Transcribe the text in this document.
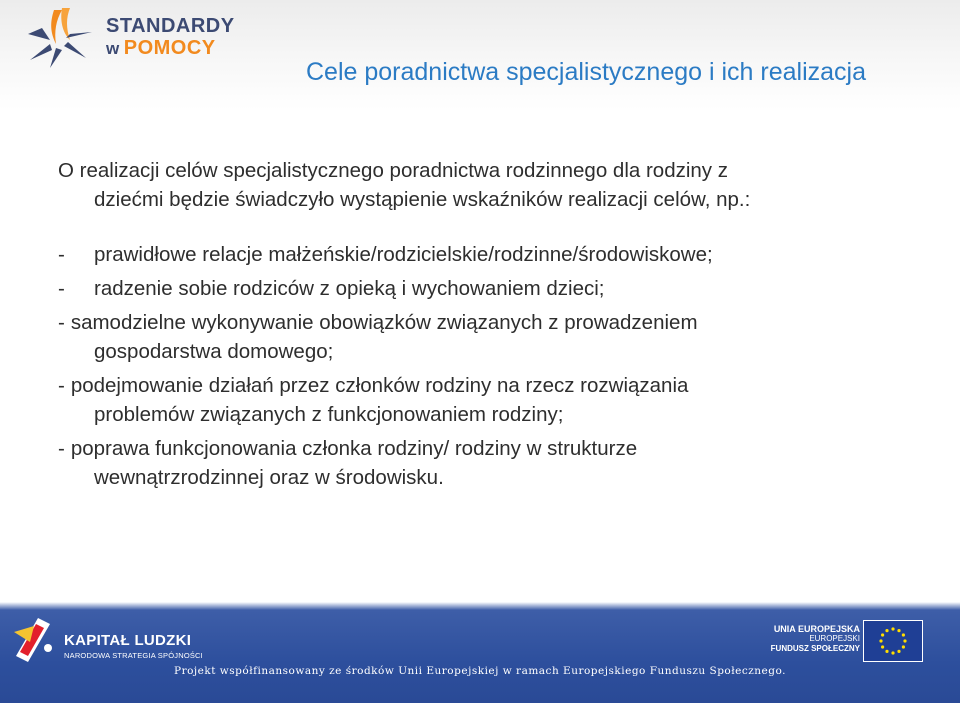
STANDARDY
w POMOCY
Cele poradnictwa specjalistycznego i ich realizacja

O realizacji celów specjalistycznego poradnictwa rodzinnego dla rodziny z
dziećmi będzie świadczyło wystąpienie wskaźników realizacji celów, np.:

-	prawidłowe relacje małżeńskie/rodzicielskie/rodzinne/środowiskowe;
-	radzenie sobie rodziców z opieką i wychowaniem dzieci;
- samodzielne wykonywanie obowiązków związanych z prowadzeniem
gospodarstwa domowego;
- podejmowanie działań przez członków rodziny na rzecz rozwiązania
problemów związanych z funkcjonowaniem rodziny;
- poprawa funkcjonowania członka rodziny/ rodziny w strukturze
wewnątrzrodzinnej oraz w środowisku.
KAPITAŁ LUDZKI
NARODOWA STRATEGIA SPÓJNOŚCI
UNIA EUROPEJSKA
EUROPEJSKI
FUNDUSZ SPOŁECZNY
Projekt współfinansowany ze środków Unii Europejskiej w ramach Europejskiego Funduszu Społecznego.
